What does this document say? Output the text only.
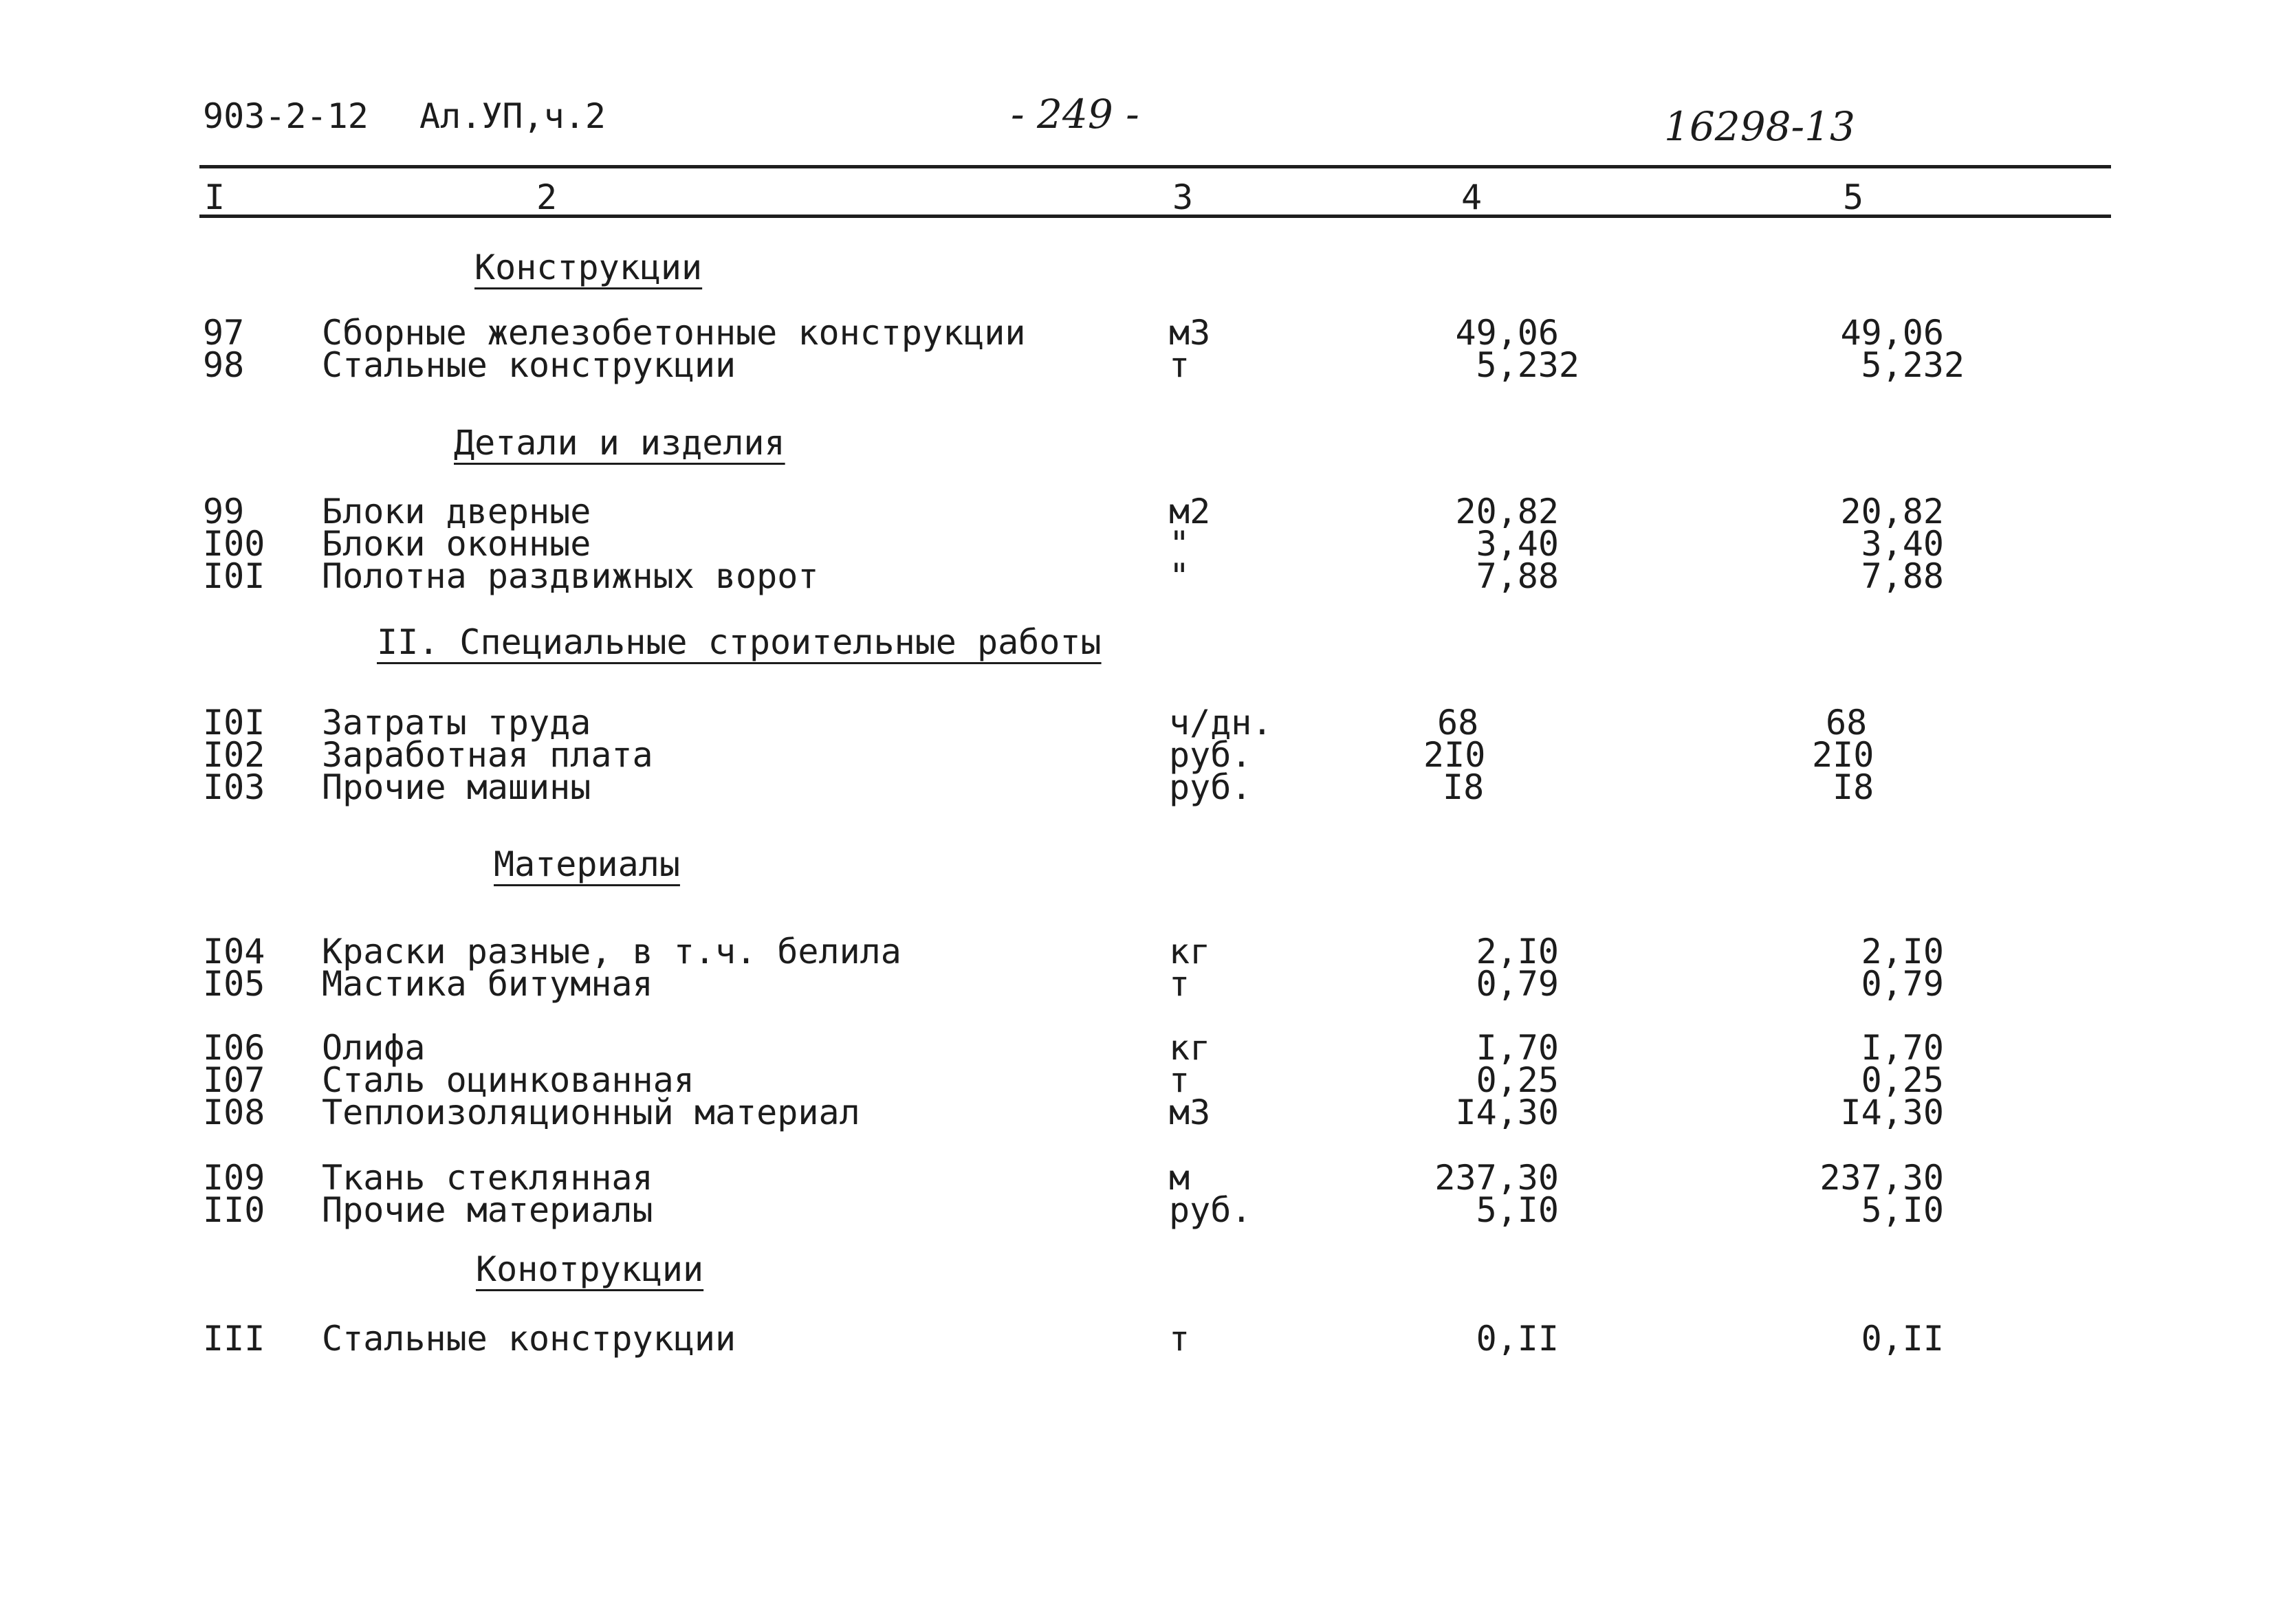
903-2-12 Ал.УП,ч.2	- 249 -	16298-13
I	2	3	4	5
Конструкции
97 Сборные железобетонные конструкции	м3	49,06	49,06
98 Стальные конструкции	т	5,232	5,232
Детали и изделия
99 Блоки дверные	м2	20,82	20,82
I00 Блоки оконные	"	3,40	3,40
I0I Полотна раздвижных ворот	"	7,88	7,88
II. Специальные строительные работы
I0I Затраты труда	ч/дн.	68	68
I02 Заработная плата	руб.	2I0	2I0
I03 Прочие машины	руб.	I8	I8
Материалы
I04 Краски разные, в т.ч. белила	кг	2,I0	2,I0
I05 Мастика битумная	т	0,79	0,79
I06 Олифа	кг	I,70	I,70
I07 Сталь оцинкованная	т	0,25	0,25
I08 Теплоизоляционный материал	м3	I4,30	I4,30
I09 Ткань стеклянная	м	237,30	237,30
II0 Прочие материалы	руб.	5,I0	5,I0
Конотрукции
III Стальные конструкции	т	0,II	0,II
